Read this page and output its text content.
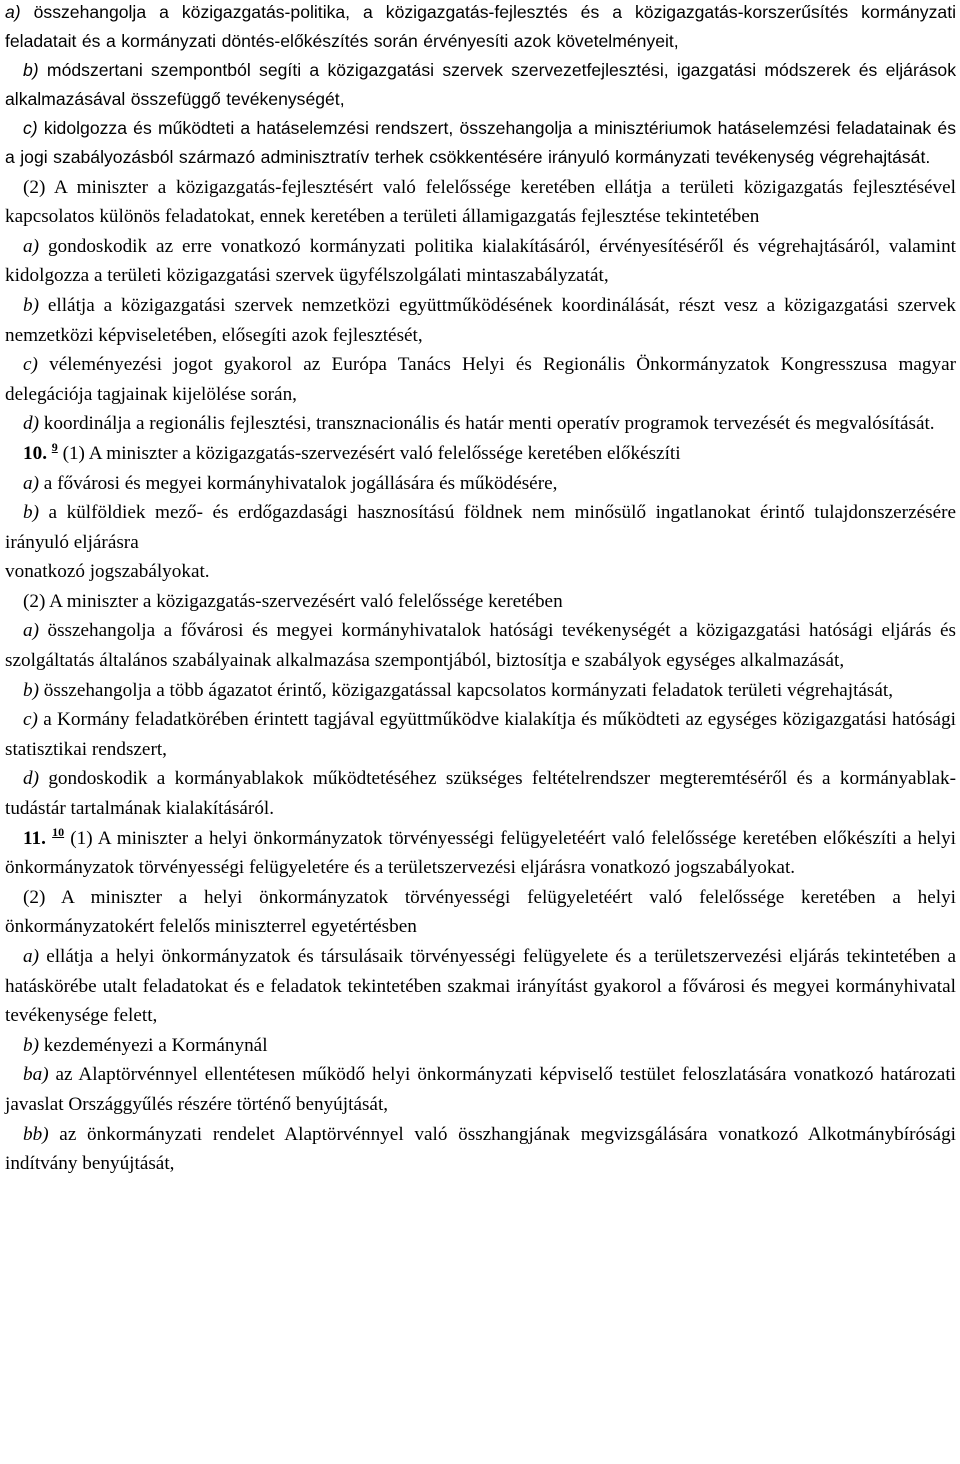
a) összehangolja a közigazgatás-politika, a közigazgatás-fejlesztés és a közigazgatás-korszerűsítés kormányzati feladatait és a kormányzati döntés-előkészítés során érvényesíti azok követelményeit,

b) módszertani szempontból segíti a közigazgatási szervek szervezetfejlesztési, igazgatási módszerek és eljárások alkalmazásával összefüggő tevékenységét,

c) kidolgozza és működteti a hatáselemzési rendszert, összehangolja a minisztériumok hatáselemzési feladatainak és a jogi szabályozásból származó adminisztratív terhek csökkentésére irányuló kormányzati tevékenység végrehajtását.

(2) A miniszter a közigazgatás-fejlesztésért való felelőssége keretében ellátja a területi közigazgatás fejlesztésével kapcsolatos különös feladatokat, ennek keretében a területi államigazgatás fejlesztése tekintetében

a) gondoskodik az erre vonatkozó kormányzati politika kialakításáról, érvényesítéséről és végrehajtásáról, valamint kidolgozza a területi közigazgatási szervek ügyfélszolgálati mintaszabályzatát,

b) ellátja a közigazgatási szervek nemzetközi együttműködésének koordinálását, részt vesz a közigazgatási szervek nemzetközi képviseletében, elősegíti azok fejlesztését,

c) véleményezési jogot gyakorol az Európa Tanács Helyi és Regionális Önkormányzatok Kongresszusa magyar delegációja tagjainak kijelölése során,

d) koordinálja a regionális fejlesztési, transznacionális és határ menti operatív programok tervezését és megvalósítását.

10. $^9$ (1) A miniszter a közigazgatás-szervezésért való felelőssége keretében előkészíti

a) a fővárosi és megyei kormányhivatalok jogállására és működésére,

b) a külföldiek mező- és erdőgazdasági hasznosítású földnek nem minősülő ingatlanokat érintő tulajdonszerzésére irányuló eljárásra

vonatkozó jogszabályokat.

(2) A miniszter a közigazgatás-szervezésért való felelőssége keretében

a) összehangolja a fővárosi és megyei kormányhivatalok hatósági tevékenységét a közigazgatási hatósági eljárás és szolgáltatás általános szabályainak alkalmazása szempontjából, biztosítja e szabályok egységes alkalmazását,

b) összehangolja a több ágazatot érintő, közigazgatással kapcsolatos kormányzati feladatok területi végrehajtását,

c) a Kormány feladatkörében érintett tagjával együttműködve kialakítja és működteti az egységes közigazgatási hatósági statisztikai rendszert,

d) gondoskodik a kormányablakok működtetéséhez szükséges feltételrendszer megteremtéséről és a kormányablak-tudástár tartalmának kialakításáról.

11. $^{10}$ (1) A miniszter a helyi önkormányzatok törvényességi felügyeletéért való felelőssége keretében előkészíti a helyi önkormányzatok törvényességi felügyeletére és a területszervezési eljárásra vonatkozó jogszabályokat.

(2) A miniszter a helyi önkormányzatok törvényességi felügyeletéért való felelőssége keretében a helyi önkormányzatokért felelős miniszterrel egyetértésben

a) ellátja a helyi önkormányzatok és társulásaik törvényességi felügyelete és a területszervezési eljárás tekintetében a hatáskörébe utalt feladatokat és e feladatok tekintetében szakmai irányítást gyakorol a fővárosi és megyei kormányhivatal tevékenysége felett,

b) kezdeményezi a Kormánynál

ba) az Alaptörvénnyel ellentétesen működő helyi önkormányzati képviselő testület feloszlatására vonatkozó határozati javaslat Országgyűlés részére történő benyújtását,

bb) az önkormányzati rendelet Alaptörvénnyel való összhangjának megvizsgálására vonatkozó Alkotmánybírósági indítvány benyújtását,
